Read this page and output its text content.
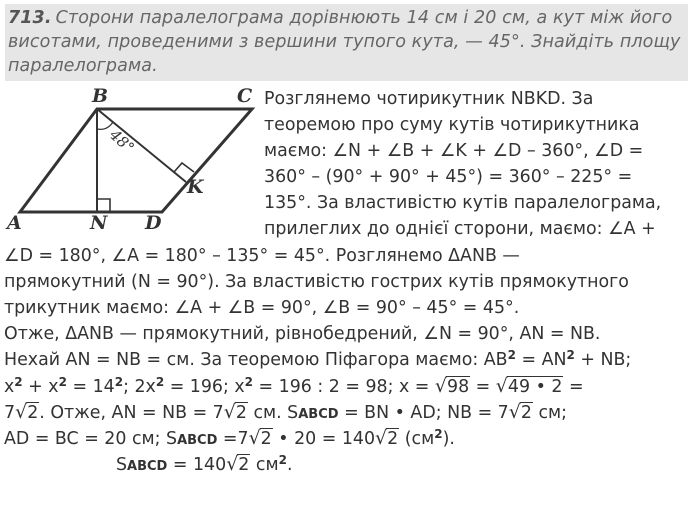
713. Сторони паралелограма дорівнюють 14 см і 20 см, а кут між його висотами, проведеними з вершини тупого кута, — 45°. Знайдіть площу паралелограма.
48°
B	C
A	N D
K
Розглянемо чотирикутник NBKD. За
теоремою про суму кутів чотирикутника
маємо: ∠N + ∠B + ∠K + ∠D – 360°, ∠D =
360° – (90° + 90° + 45°) = 360° – 225° =
135°. За властивістю кутів паралелограма,
прилеглих до однієї сторони, маємо: ∠A +
∠D = 180°, ∠A = 180° – 135° = 45°. Розглянемо ΔANB —
прямокутний (N = 90°). За властивістю гострих кутів прямокутного
трикутник маємо: ∠A + ∠B = 90°, ∠B = 90° – 45° = 45°.
Отже, ΔANB — прямокутний, рівнобедрений, ∠N = 90°, AN = NB.
Нехай AN = NB = см. За теоремою Піфагора маємо: $AB^2 = AN^2$ + NB;
$x^2 + x^2 = 14^2$; $2x^2 = 196$; $x^2 = 196$ : 2 = 98; x = √98 = √49 • 2 =
7√2. Отже, AN = NB = 7√2 см. SABCD = BN • AD; NB = 7√2 см;
AD = BC = 20 см; SABCD =7√2 • 20 = 140√2 $(см^2)$.
SABCD = 140√2 $см^2$.
